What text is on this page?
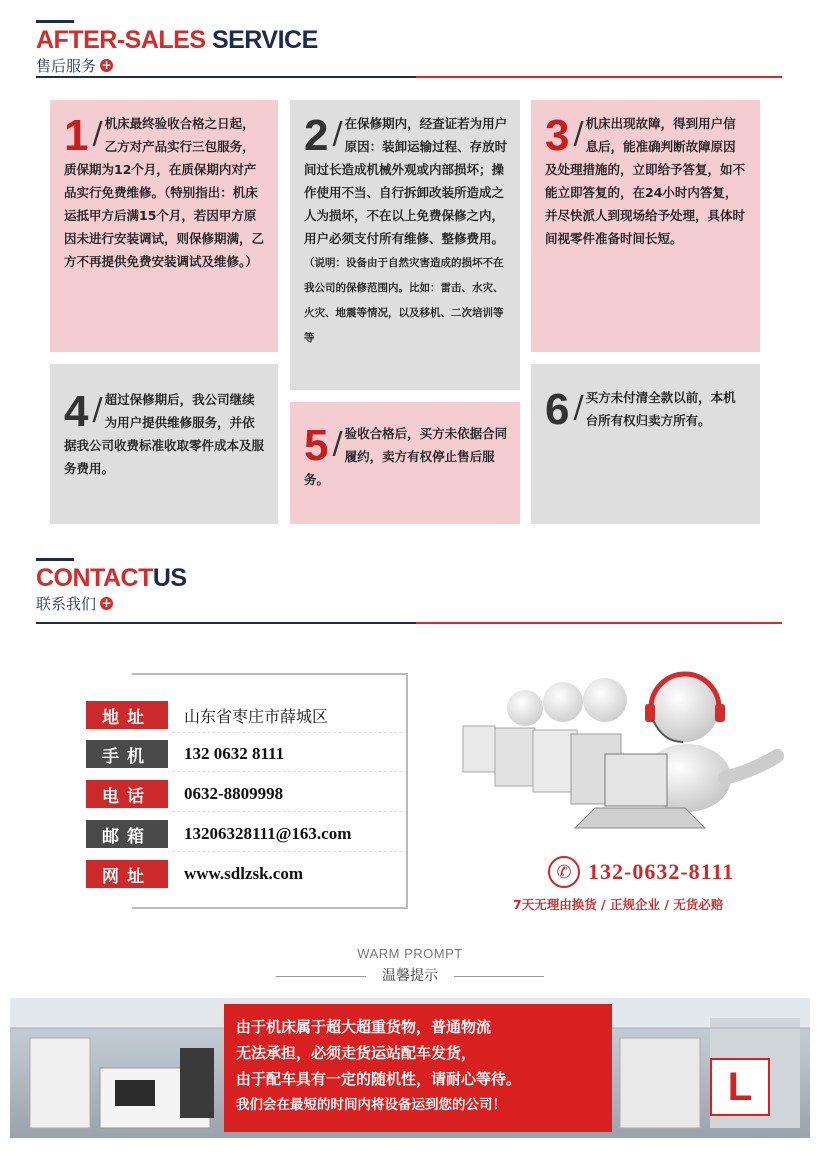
AFTER-SALES SERVICE
售后服务 +
1 / 机床最终验收合格之日起，乙方对产品实行三包服务，质保期为12个月，在质保期内对产品实行免费维修。（特别指出：机床运抵甲方后满15个月，若因甲方原因未进行安装调试，则保修期满，乙方不再提供免费安装调试及维修。）
2 / 在保修期内，经查证若为用户原因：装卸运输过程、存放时间过长造成机械外观或内部损坏；操作使用不当、自行拆卸改装所造成之人为损坏，不在以上免费保修之内，用户必须支付所有维修、整修费用。（说明：设备由于自然灾害造成的损坏不在我公司的保修范围内。比如：雷击、水灾、火灾、地震等情况，以及移机、二次培训等等
3 / 机床出现故障，得到用户信息后，能准确判断故障原因及处理措施的，立即给予答复，如不能立即答复的，在24小时内答复，并尽快派人到现场给予处理，具体时间视零件准备时间长短。
4 / 超过保修期后，我公司继续为用户提供维修服务，并依据我公司收费标准收取零件成本及服务费用。	5 / 验收合格后，买方未依据合同履约，卖方有权停止售后服务。
6 / 买方未付清全款以前，本机台所有权归卖方所有。
CONTACTUS
联系我们 +
地址	山东省枣庄市薛城区
手机	132 0632 8111
电话	0632-8809998
邮箱	13206328111@163.com
网址	www.sdlzsk.com	✆ 132-0632-8111
7天无理由换货 / 正规企业 / 无货必赔
WARM PROMPT
温馨提示
由于机床属于超大超重货物，普通物流
无法承担，必须走货运站配车发货，
由于配车具有一定的随机性，请耐心等待。
我们会在最短的时间内将设备运到您的公司！	L
